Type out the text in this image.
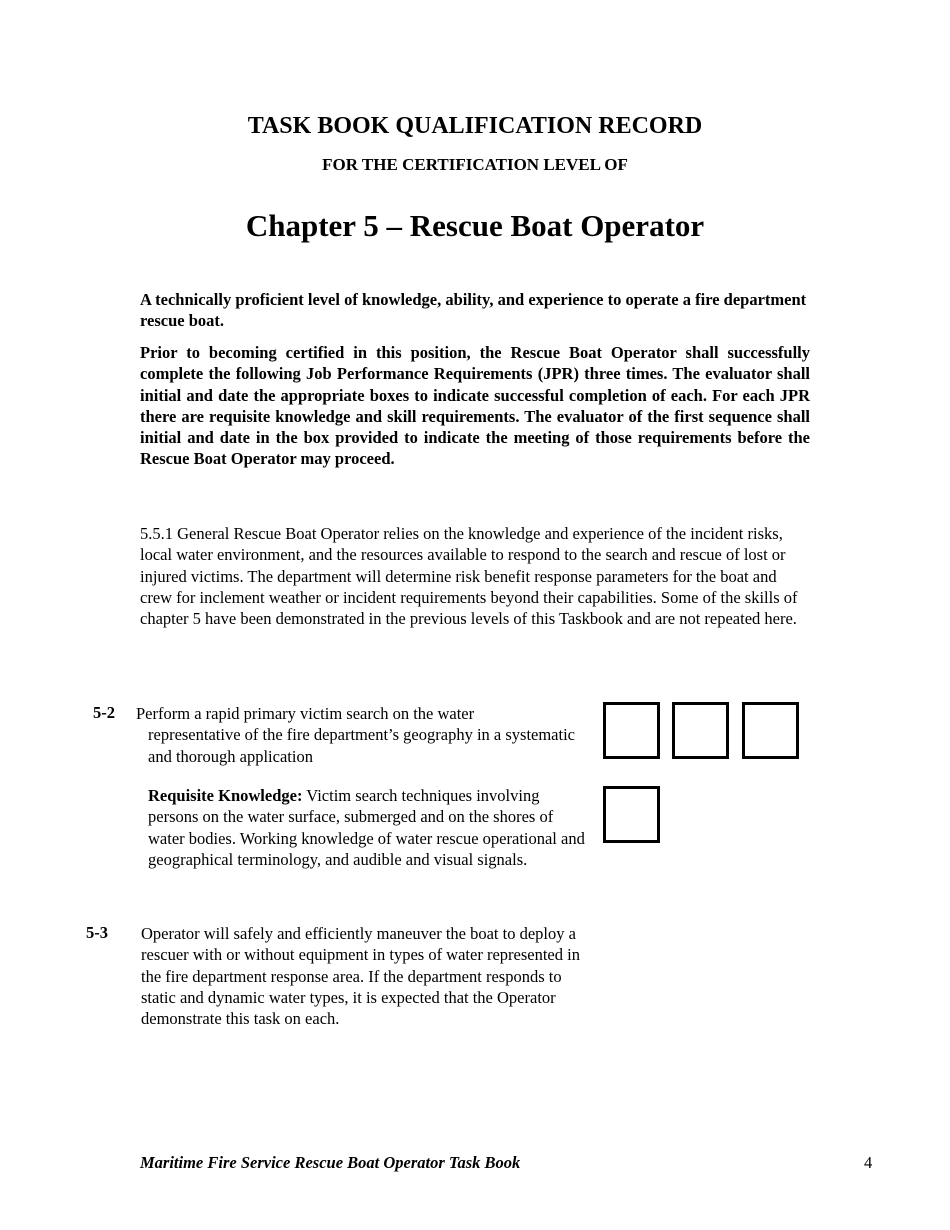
TASK BOOK QUALIFICATION RECORD
FOR THE CERTIFICATION LEVEL OF
Chapter 5 – Rescue Boat Operator
A technically proficient level of knowledge, ability, and experience to operate a fire department rescue boat.
Prior to becoming certified in this position, the Rescue Boat Operator shall successfully complete the following Job Performance Requirements (JPR) three times. The evaluator shall initial and date the appropriate boxes to indicate successful completion of each. For each JPR there are requisite knowledge and skill requirements. The evaluator of the first sequence shall initial and date in the box provided to indicate the meeting of those requirements before the Rescue Boat Operator may proceed.
5.5.1 General Rescue Boat Operator relies on the knowledge and experience of the incident risks, local water environment, and the resources available to respond to the search and rescue of lost or injured victims. The department will determine risk benefit response parameters for the boat and crew for inclement weather or incident requirements beyond their capabilities. Some of the skills of chapter 5 have been demonstrated in the previous levels of this Taskbook and are not repeated here.
5-2 Perform a rapid primary victim search on the water
representative of the fire department’s geography in a systematic and thorough application
Requisite Knowledge: Victim search techniques involving persons on the water surface, submerged and on the shores of water bodies. Working knowledge of water rescue operational and geographical terminology, and audible and visual signals.
5-3 Operator will safely and efficiently maneuver the boat to deploy a rescuer with or without equipment in types of water represented in the fire department response area. If the department responds to static and dynamic water types, it is expected that the Operator demonstrate this task on each.
Maritime Fire Service Rescue Boat Operator Task Book	4
